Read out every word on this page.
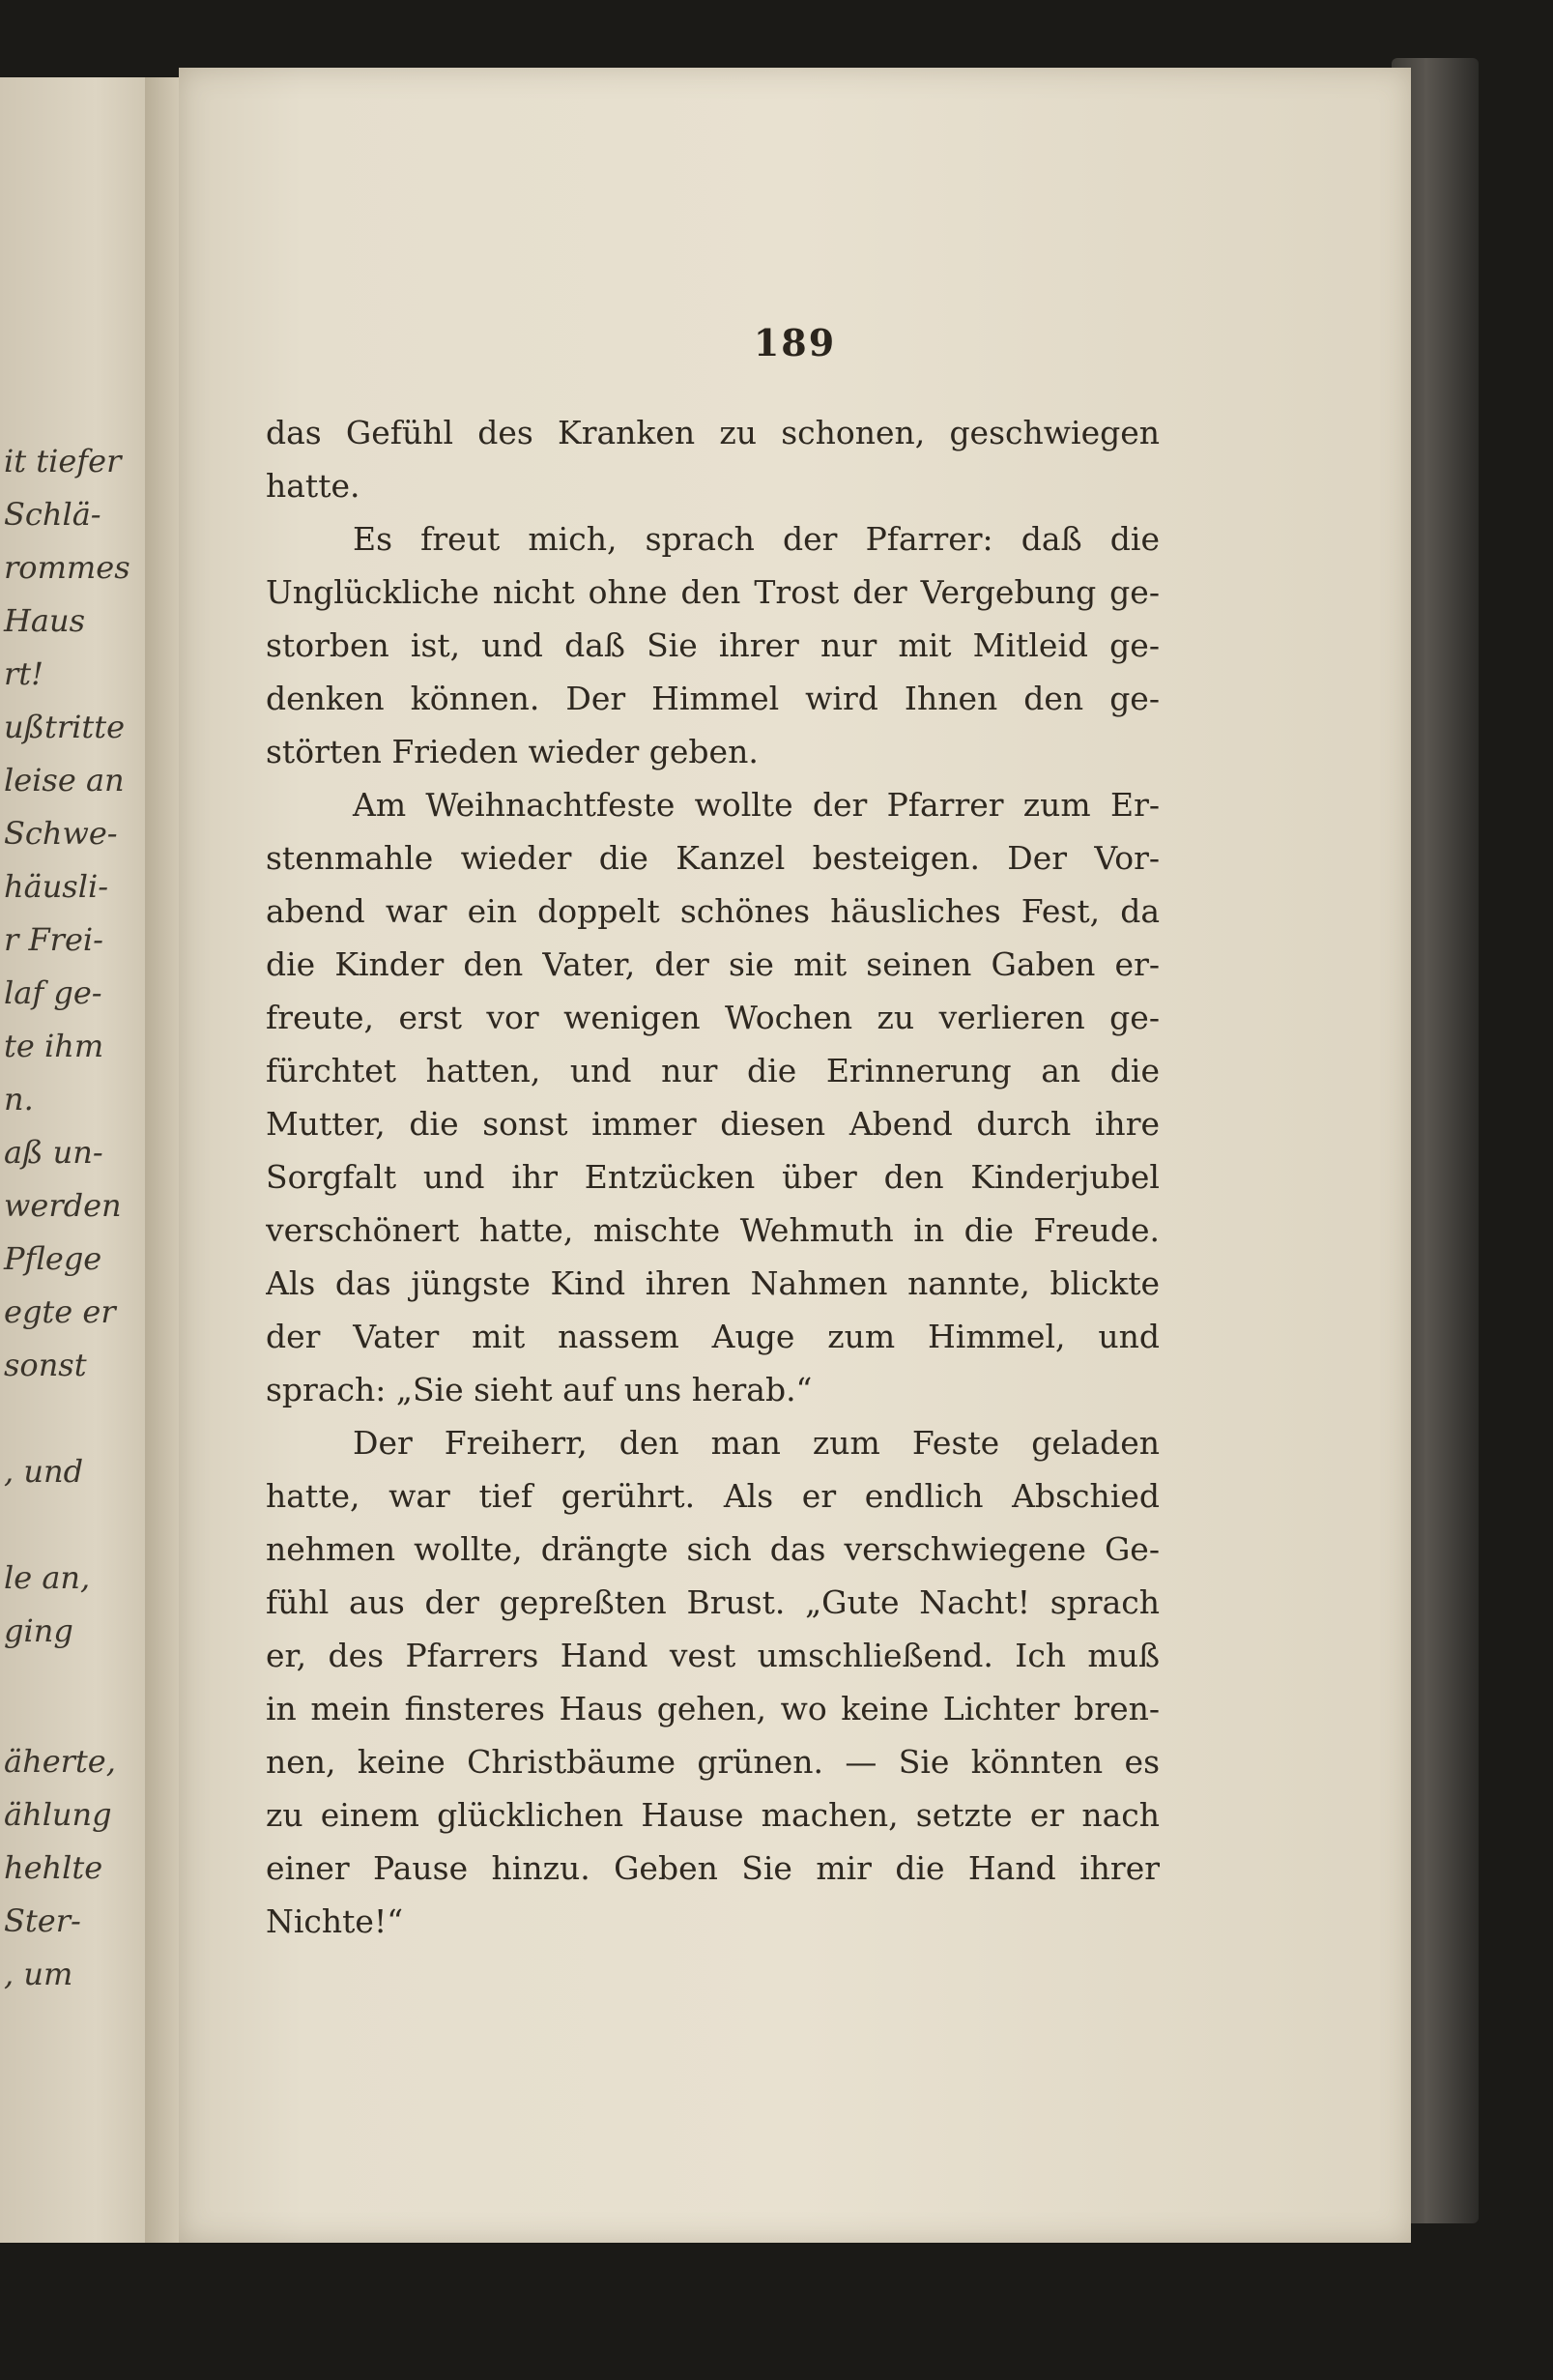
it tiefer
Schlä-
rommes
Haus
rt!
ußtritte
leise an
Schwe-
häusli-
r Frei-
laf ge-
te ihm
n.
aß un-
werden
Pflege
egte er
sonst
, und
le an,
ging
äherte,
ählung
hehlte
Ster-
, um
189
das Gefühl des Kranken zu schonen, geschwiegen
hatte.
Es freut mich, sprach der Pfarrer: daß die
Unglückliche nicht ohne den Trost der Vergebung ge-
storben ist, und daß Sie ihrer nur mit Mitleid ge-
denken können. Der Himmel wird Ihnen den ge-
störten Frieden wieder geben.
Am Weihnachtfeste wollte der Pfarrer zum Er-
stenmahle wieder die Kanzel besteigen. Der Vor-
abend war ein doppelt schönes häusliches Fest, da
die Kinder den Vater, der sie mit seinen Gaben er-
freute, erst vor wenigen Wochen zu verlieren ge-
fürchtet hatten, und nur die Erinnerung an die
Mutter, die sonst immer diesen Abend durch ihre
Sorgfalt und ihr Entzücken über den Kinderjubel
verschönert hatte, mischte Wehmuth in die Freude.
Als das jüngste Kind ihren Nahmen nannte, blickte
der Vater mit nassem Auge zum Himmel, und
sprach: „Sie sieht auf uns herab.“
Der Freiherr, den man zum Feste geladen
hatte, war tief gerührt. Als er endlich Abschied
nehmen wollte, drängte sich das verschwiegene Ge-
fühl aus der gepreßten Brust. „Gute Nacht! sprach
er, des Pfarrers Hand vest umschließend. Ich muß
in mein finsteres Haus gehen, wo keine Lichter bren-
nen, keine Christbäume grünen. — Sie könnten es
zu einem glücklichen Hause machen, setzte er nach
einer Pause hinzu. Geben Sie mir die Hand ihrer
Nichte!“
